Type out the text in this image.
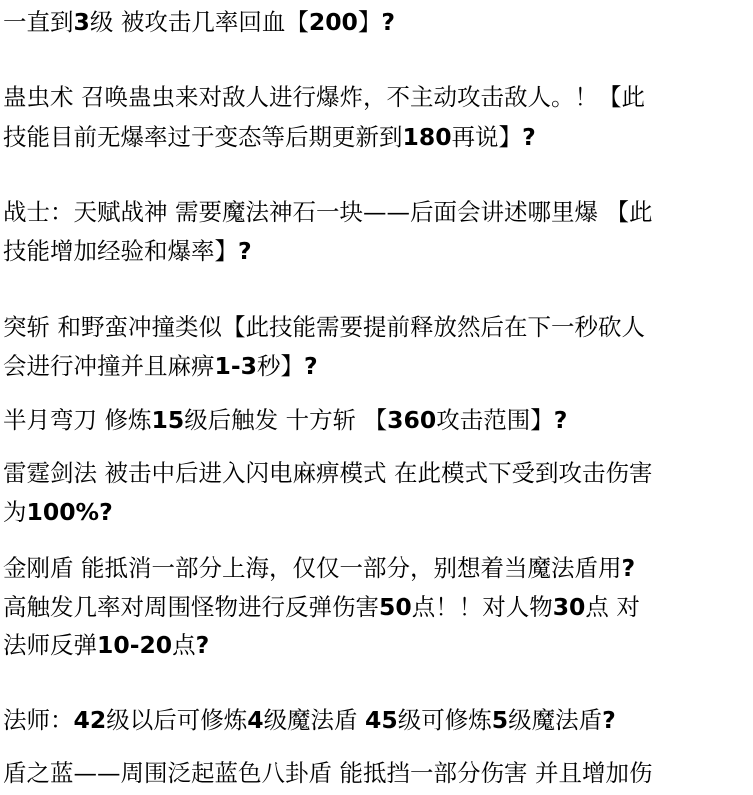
一直到3级 被攻击几率回血【200】?
蛊虫术 召唤蛊虫来对敌人进行爆炸，不主动攻击敌人。！【此
技能目前无爆率过于变态等后期更新到180再说】?
战士：天赋战神 需要魔法神石一块——后面会讲述哪里爆 【此
技能增加经验和爆率】?
突斩 和野蛮冲撞类似【此技能需要提前释放然后在下一秒砍人
会进行冲撞并且麻痹1-3秒】?
半月弯刀 修炼15级后触发 十方斩 【360攻击范围】?
雷霆剑法 被击中后进入闪电麻痹模式 在此模式下受到攻击伤害
为100%?
金刚盾 能抵消一部分上海，仅仅一部分，别想着当魔法盾用?
高触发几率对周围怪物进行反弹伤害50点！！对人物30点 对
法师反弹10-20点?
法师：42级以后可修炼4级魔法盾 45级可修炼5级魔法盾?
盾之蓝——周围泛起蓝色八卦盾 能抵挡一部分伤害 并且增加伤
